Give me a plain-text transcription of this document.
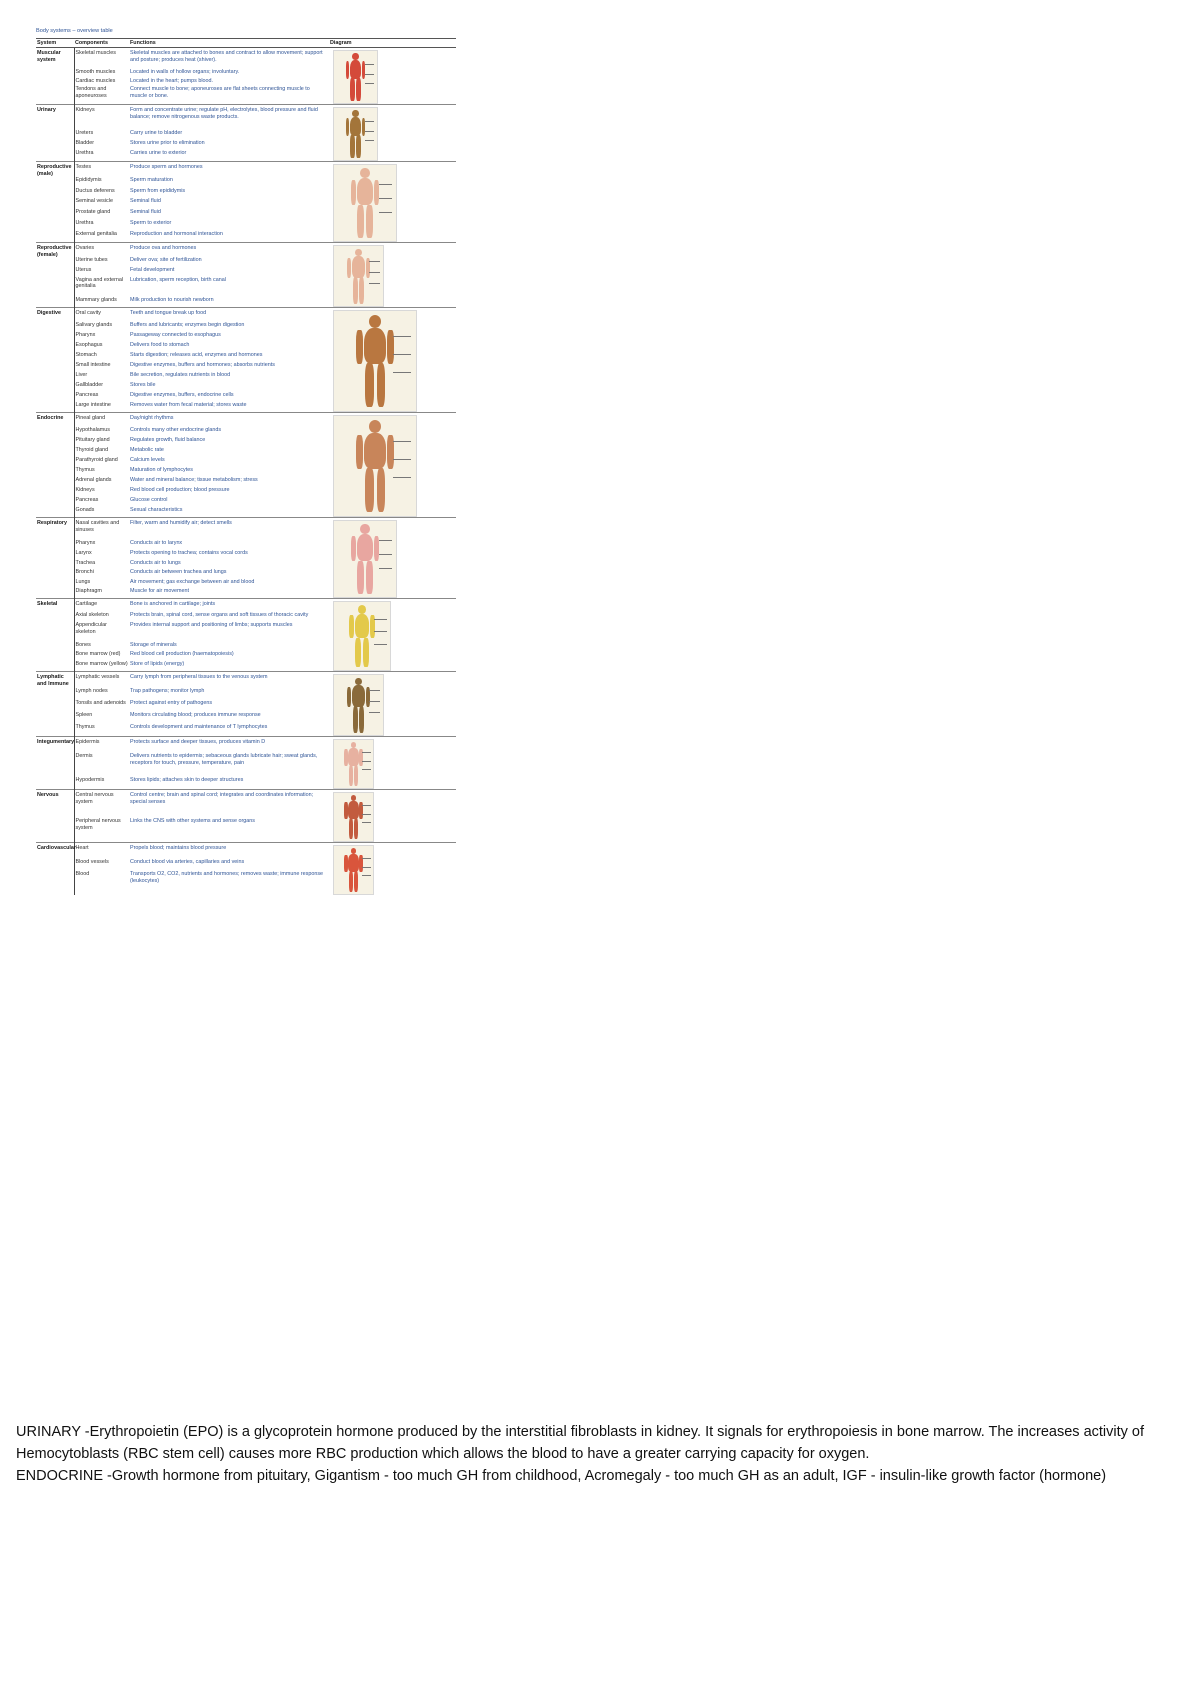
Body systems – overview table
System	Components	Functions	Diagram
Muscular system	Skeletal muscles	Skeletal muscles are attached to bones and contract to allow movement; support and posture; produces heat (shiver).	

	Smooth muscles	Located in walls of hollow organs; involuntary.	
	Cardiac muscles	Located in the heart; pumps blood.	
	Tendons and aponeuroses	Connect muscle to bone; aponeuroses are flat sheets connecting muscle to muscle or bone.	
Urinary	Kidneys	Form and concentrate urine; regulate pH, electrolytes, blood pressure and fluid balance; remove nitrogenous waste products.	

	Ureters	Carry urine to bladder	
	Bladder	Stores urine prior to elimination	
	Urethra	Carries urine to exterior	
Reproductive (male)	Testes	Produce sperm and hormones	

	Epididymis	Sperm maturation	
	Ductus deferens	Sperm from epididymis	
	Seminal vesicle	Seminal fluid	
	Prostate gland	Seminal fluid	
	Urethra	Sperm to exterior	
	External genitalia	Reproduction and hormonal interaction	
Reproductive (female)	Ovaries	Produce ova and hormones	

	Uterine tubes	Deliver ova; site of fertilization	
	Uterus	Fetal development	
	Vagina and external genitalia	Lubrication, sperm reception, birth canal	
	Mammary glands	Milk production to nourish newborn	
Digestive	Oral cavity	Teeth and tongue break up food	

	Salivary glands	Buffers and lubricants; enzymes begin digestion	
	Pharynx	Passageway connected to esophagus	
	Esophagus	Delivers food to stomach	
	Stomach	Starts digestion; releases acid, enzymes and hormones	
	Small intestine	Digestive enzymes, buffers and hormones; absorbs nutrients	
	Liver	Bile secretion, regulates nutrients in blood	
	Gallbladder	Stores bile	
	Pancreas	Digestive enzymes, buffers, endocrine cells	
	Large intestine	Removes water from fecal material; stores waste	
Endocrine	Pineal gland	Day/night rhythms	

	Hypothalamus	Controls many other endocrine glands	
	Pituitary gland	Regulates growth, fluid balance	
	Thyroid gland	Metabolic rate	
	Parathyroid gland	Calcium levels	
	Thymus	Maturation of lymphocytes	
	Adrenal glands	Water and mineral balance; tissue metabolism; stress	
	Kidneys	Red blood cell production; blood pressure	
	Pancreas	Glucose control	
	Gonads	Sexual characteristics	
Respiratory	Nasal cavities and sinuses	Filter, warm and humidify air; detect smells	

	Pharynx	Conducts air to larynx	
	Larynx	Protects opening to trachea; contains vocal cords	
	Trachea	Conducts air to lungs	
	Bronchi	Conducts air between trachea and lungs	
	Lungs	Air movement; gas exchange between air and blood	
	Diaphragm	Muscle for air movement	
Skeletal	Cartilage	Bone is anchored in cartilage; joints	

	Axial skeleton	Protects brain, spinal cord, sense organs and soft tissues of thoracic cavity	
	Appendicular skeleton	Provides internal support and positioning of limbs; supports muscles	
	Bones	Storage of minerals	
	Bone marrow (red)	Red blood cell production (haematopoiesis)	
	Bone marrow (yellow)	Store of lipids (energy)	
Lymphatic and Immune	Lymphatic vessels	Carry lymph from peripheral tissues to the venous system	

	Lymph nodes	Trap pathogens; monitor lymph	
	Tonsils and adenoids	Protect against entry of pathogens	
	Spleen	Monitors circulating blood; produces immune response	
	Thymus	Controls development and maintenance of T lymphocytes	
Integumentary	Epidermis	Protects surface and deeper tissues, produces vitamin D	

	Dermis	Delivers nutrients to epidermis; sebaceous glands lubricate hair; sweat glands, receptors for touch, pressure, temperature, pain	
	Hypodermis	Stores lipids; attaches skin to deeper structures	
Nervous	Central nervous system	Control centre; brain and spinal cord; integrates and coordinates information; special senses	

	Peripheral nervous system	Links the CNS with other systems and sense organs	
Cardiovascular	Heart	Propels blood; maintains blood pressure	

	Blood vessels	Conduct blood via arteries, capillaries and veins	
	Blood	Transports O2, CO2, nutrients and hormones; removes waste; immune response (leukocytes)	

URINARY -Erythropoietin (EPO) is a glycoprotein hormone produced by the interstitial fibroblasts in kidney. It signals for erythropoiesis in bone marrow. The increases activity of Hemocytoblasts (RBC stem cell) causes more RBC production which allows the blood to have a greater carrying capacity for oxygen.

ENDOCRINE -Growth hormone from pituitary, Gigantism - too much GH from childhood, Acromegaly - too much GH as an adult, IGF - insulin-like growth factor (hormone)
